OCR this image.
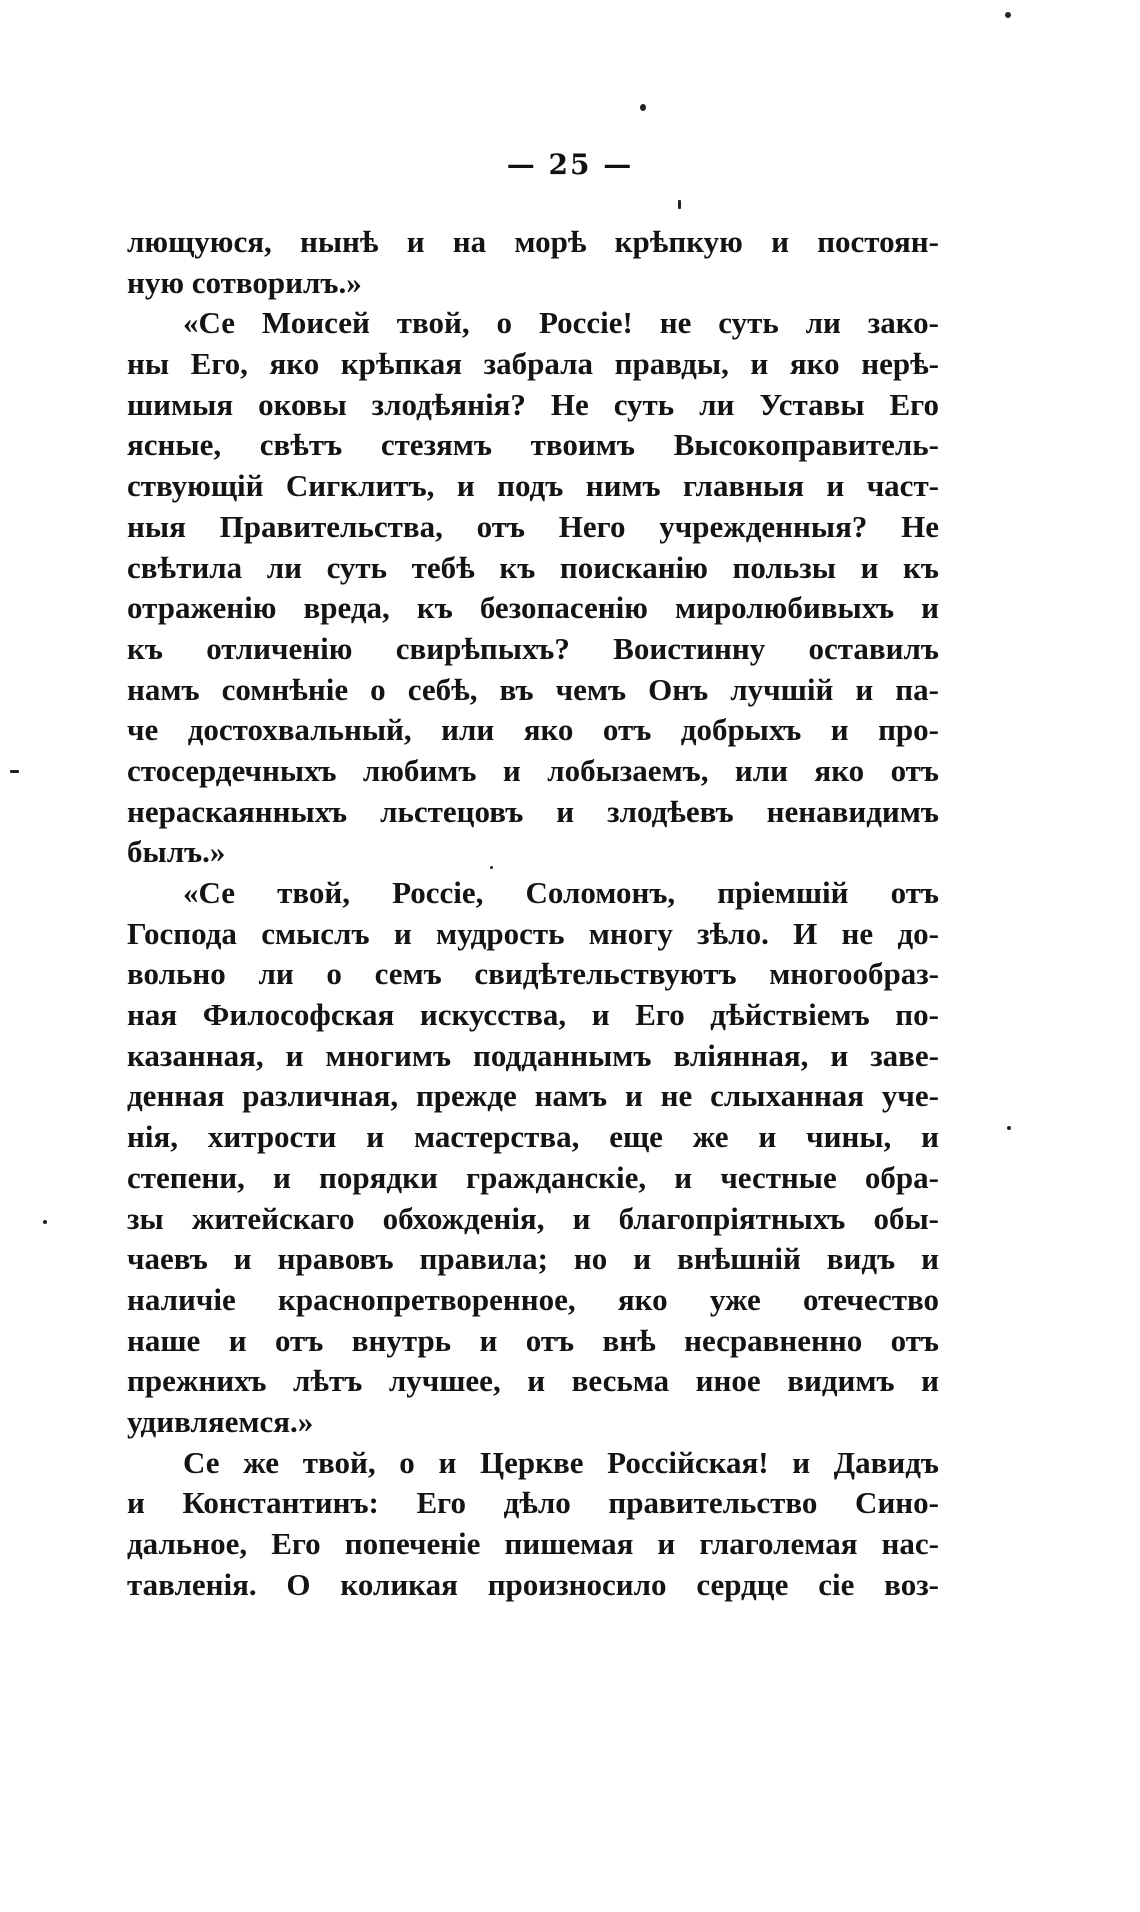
— 25 —
лющуюся, нынѣ и на морѣ крѣпкую и постоян-
ную сотворилъ.»
«Се Моисей твой, о Россіе! не суть ли зако-
ны Его, яко крѣпкая забрала правды, и яко нерѣ-
шимыя оковы злодѣянія? Не суть ли Уставы Его
ясные, свѣтъ стезямъ твоимъ Высокоправитель-
ствующій Сигклитъ, и подъ нимъ главныя и част-
ныя Правительства, отъ Него учрежденныя? Не
свѣтила ли суть тебѣ къ поисканію пользы и къ
отраженію вреда, къ безопасенію миролюбивыхъ и
къ отличенію свирѣпыхъ? Воистинну оставилъ
намъ сомнѣніе о себѣ, въ чемъ Онъ лучшій и па-
че достохвальный, или яко отъ добрыхъ и про-
стосердечныхъ любимъ и лобызаемъ, или яко отъ
нераскаянныхъ льстецовъ и злодѣевъ ненавидимъ
былъ.»
«Се твой, Россіе, Соломонъ, пріемшій отъ
Господа смыслъ и мудрость многу зѣло. И не до-
вольно ли о семъ свидѣтельствуютъ многообраз-
ная Философская искусства, и Его дѣйствіемъ по-
казанная, и многимъ подданнымъ вліянная, и заве-
денная различная, прежде намъ и не слыханная уче-
нія, хитрости и мастерства, еще же и чины, и
степени, и порядки гражданскіе, и честные обра-
зы житейскаго обхожденія, и благопріятныхъ обы-
чаевъ и нравовъ правила; но и внѣшній видъ и
наличіе краснопретворенное, яко уже отечество
наше и отъ внутрь и отъ внѣ несравненно отъ
прежнихъ лѣтъ лучшее, и весьма иное видимъ и
удивляемся.»
Се же твой, о и Церкве Россійская! и Давидъ
и Константинъ: Его дѣло правительство Сино-
дальное, Его попеченіе пишемая и глаголемая нас-
тавленія. О коликая произносило сердце сіе воз-
